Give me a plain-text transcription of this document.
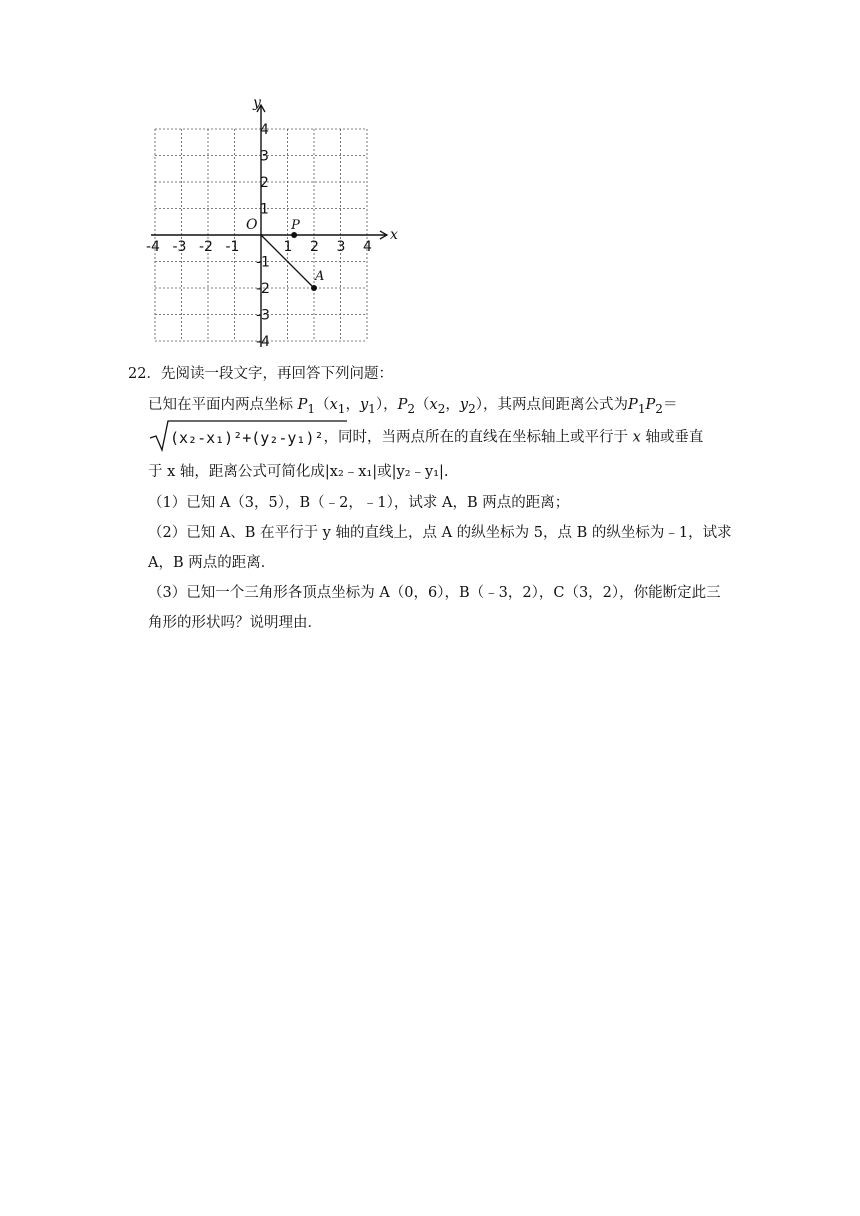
-4 -3 -2 -1	1 2 3 4
4
3
2
1
-1
-2
-3
-4
O
x
y
P
A
22．先阅读一段文字，再回答下列问题：
已知在平面内两点坐标 $P_1(x_1$，$y_1$），$P_2(x_2$，$y_2$），其两点间距离公式为$P_1P_2=$
(x₂-x₁)²+(y₂-y₁)²，同时，当两点所在的直线在坐标轴上或平行于 x 轴或垂直
于 x 轴，距离公式可简化成|x₂﹣x₁|或|y₂﹣y₁|.
（1）已知 A（3，5），B（﹣2，﹣1），试求 A，B 两点的距离；
（2）已知 A、B 在平行于 y 轴的直线上，点 A 的纵坐标为 5，点 B 的纵坐标为﹣1，试求
A，B 两点的距离．
（3）已知一个三角形各顶点坐标为 A（0，6），B（﹣3，2），C（3，2），你能断定此三
角形的形状吗？说明理由．
